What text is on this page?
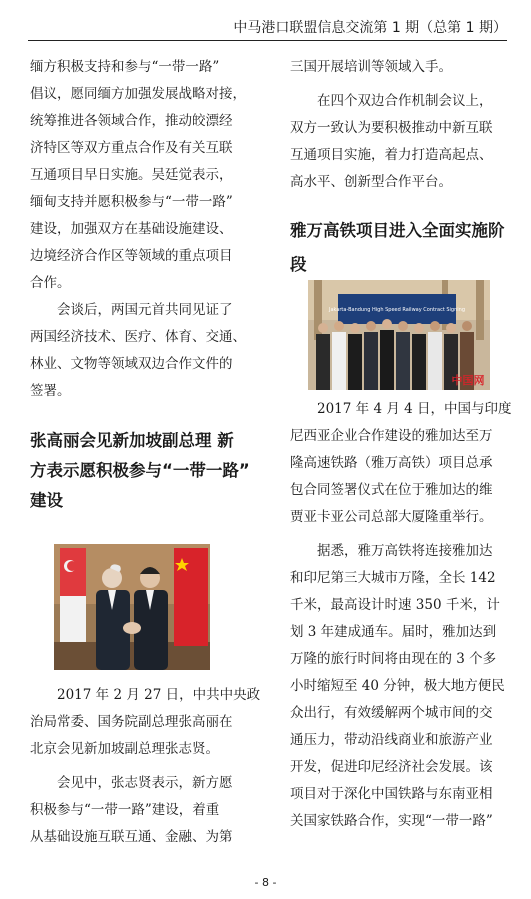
中马港口联盟信息交流第 1 期（总第 1 期）
缅方积极支持和参与“一带一路”
倡议，愿同缅方加强发展战略对接，
统筹推进各领域合作，推动皎漂经
济特区等双方重点合作及有关互联
互通项目早日实施。吴廷觉表示，
缅甸支持并愿积极参与“一带一路”
建设，加强双方在基础设施建设、
边境经济合作区等领域的重点项目
合作。
会谈后，两国元首共同见证了
两国经济技术、医疗、体育、交通、
林业、文物等领域双边合作文件的
签署。
张高丽会见新加坡副总理 新
方表示愿积极参与“一带一路”
建设
2017 年 2 月 27 日，中共中央政
治局常委、国务院副总理张高丽在
北京会见新加坡副总理张志贤。
会见中，张志贤表示，新方愿
积极参与“一带一路”建设，着重
从基础设施互联互通、金融、为第
三国开展培训等领域入手。
在四个双边合作机制会议上，
双方一致认为要积极推动中新互联
互通项目实施，着力打造高起点、
高水平、创新型合作平台。
雅万高铁项目进入全面实施阶
段
Jakarta-Bandung High Speed Railway Contract Signing
中国网
2017 年 4 月 4 日，中国与印度
尼西亚企业合作建设的雅加达至万
隆高速铁路（雅万高铁）项目总承
包合同签署仪式在位于雅加达的维
贾亚卡亚公司总部大厦隆重举行。
据悉，雅万高铁将连接雅加达
和印尼第三大城市万隆，全长 142
千米，最高设计时速 350 千米，计
划 3 年建成通车。届时，雅加达到
万隆的旅行时间将由现在的 3 个多
小时缩短至 40 分钟，极大地方便民
众出行，有效缓解两个城市间的交
通压力，带动沿线商业和旅游产业
开发，促进印尼经济社会发展。该
项目对于深化中国铁路与东南亚相
关国家铁路合作，实现“一带一路”
- 8 -
